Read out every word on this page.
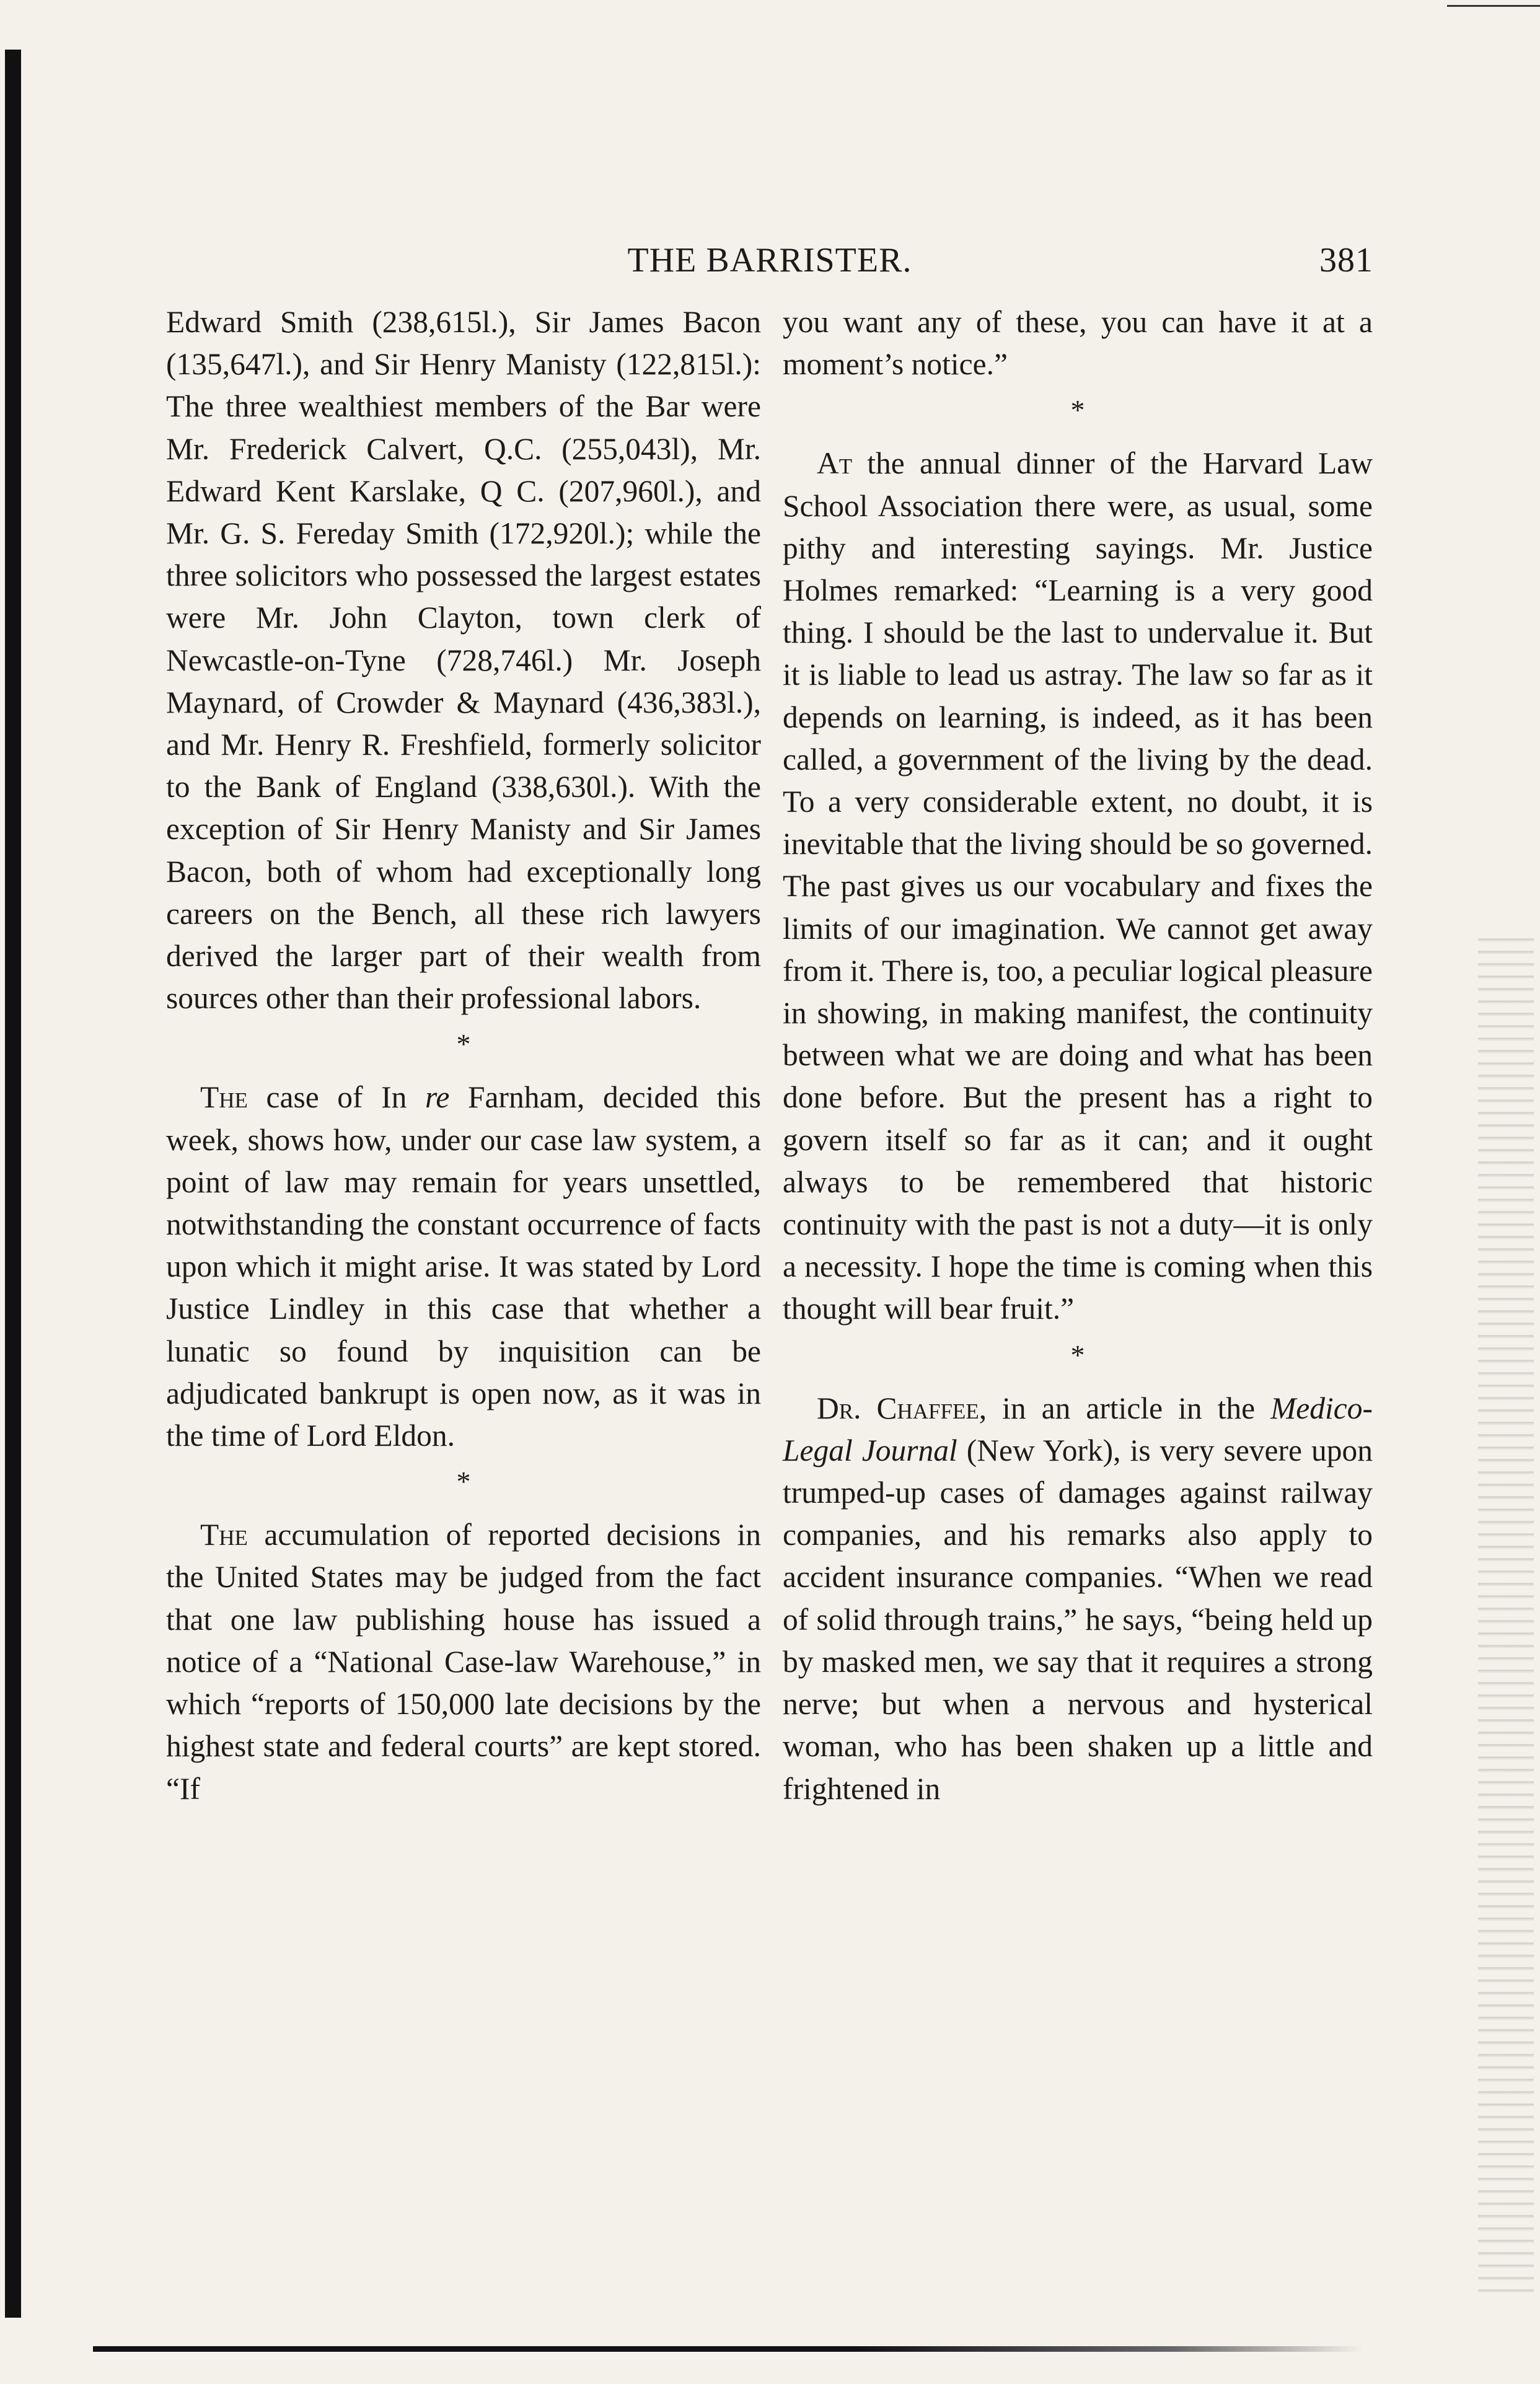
THE BARRISTER.	381

Edward Smith (238,615l.), Sir James Bacon (135,647l.), and Sir Henry Manisty (122,815l.): The three wealthiest members of the Bar were Mr. Frederick Calvert, Q.C. (255,043l), Mr. Edward Kent Karslake, Q C. (207,960l.), and Mr. G. S. Fereday Smith (172,920l.); while the three solicitors who possessed the largest estates were Mr. John Clayton, town clerk of Newcastle-on-Tyne (728,746l.) Mr. Joseph Maynard, of Crowder & Maynard (436,383l.), and Mr. Henry R. Freshfield, formerly solicitor to the Bank of England (338,630l.). With the exception of Sir Henry Manisty and Sir James Bacon, both of whom had exceptionally long careers on the Bench, all these rich lawyers derived the larger part of their wealth from sources other than their professional labors.

*

The case of In re Farnham, decided this week, shows how, under our case law system, a point of law may remain for years unsettled, notwithstanding the constant occurrence of facts upon which it might arise. It was stated by Lord Justice Lindley in this case that whether a lunatic so found by inquisition can be adjudicated bankrupt is open now, as it was in the time of Lord Eldon.

*

The accumulation of reported decisions in the United States may be judged from the fact that one law publishing house has issued a notice of a “National Case-law Warehouse,” in which “reports of 150,000 late decisions by the highest state and federal courts” are kept stored. “If

you want any of these, you can have it at a moment’s notice.”

*

At the annual dinner of the Harvard Law School Association there were, as usual, some pithy and interesting sayings. Mr. Justice Holmes remarked: “Learning is a very good thing. I should be the last to undervalue it. But it is liable to lead us astray. The law so far as it depends on learning, is indeed, as it has been called, a government of the living by the dead. To a very considerable extent, no doubt, it is inevitable that the living should be so governed. The past gives us our vocabulary and fixes the limits of our imagination. We cannot get away from it. There is, too, a peculiar logical pleasure in showing, in making manifest, the continuity between what we are doing and what has been done before. But the present has a right to govern itself so far as it can; and it ought always to be remembered that historic continuity with the past is not a duty—it is only a necessity. I hope the time is coming when this thought will bear fruit.”

*

Dr. Chaffee, in an article in the Medico-Legal Journal (New York), is very severe upon trumped-up cases of damages against railway companies, and his remarks also apply to accident insurance companies. “When we read of solid through trains,” he says, “being held up by masked men, we say that it requires a strong nerve; but when a nervous and hysterical woman, who has been shaken up a little and frightened in
